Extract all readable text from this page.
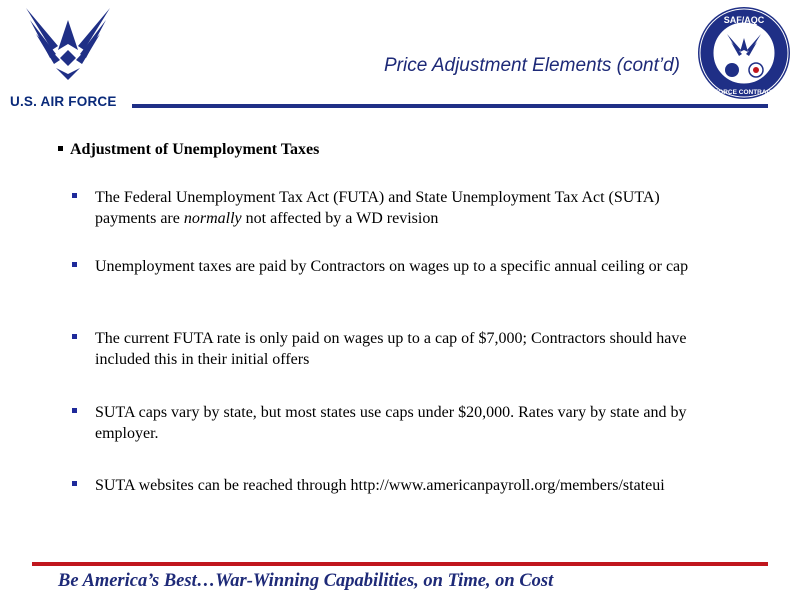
U.S. AIR FORCE
Price Adjustment Elements (cont’d)
SAF/AQC
AIR FORCE CONTRACTING
Adjustment of Unemployment Taxes
The Federal Unemployment Tax Act (FUTA) and State Unemployment Tax Act (SUTA) payments are normally not affected by a WD revision
Unemployment taxes are paid by Contractors on wages up to a specific annual ceiling or cap
The current FUTA rate is only paid on wages up to a cap of $7,000; Contractors should have included this in their initial offers
SUTA caps vary by state, but most states use caps under $20,000. Rates vary by state and by employer.
SUTA websites can be reached through http://www.americanpayroll.org/members/stateui
Be America’s Best…War-Winning Capabilities, on Time, on Cost
